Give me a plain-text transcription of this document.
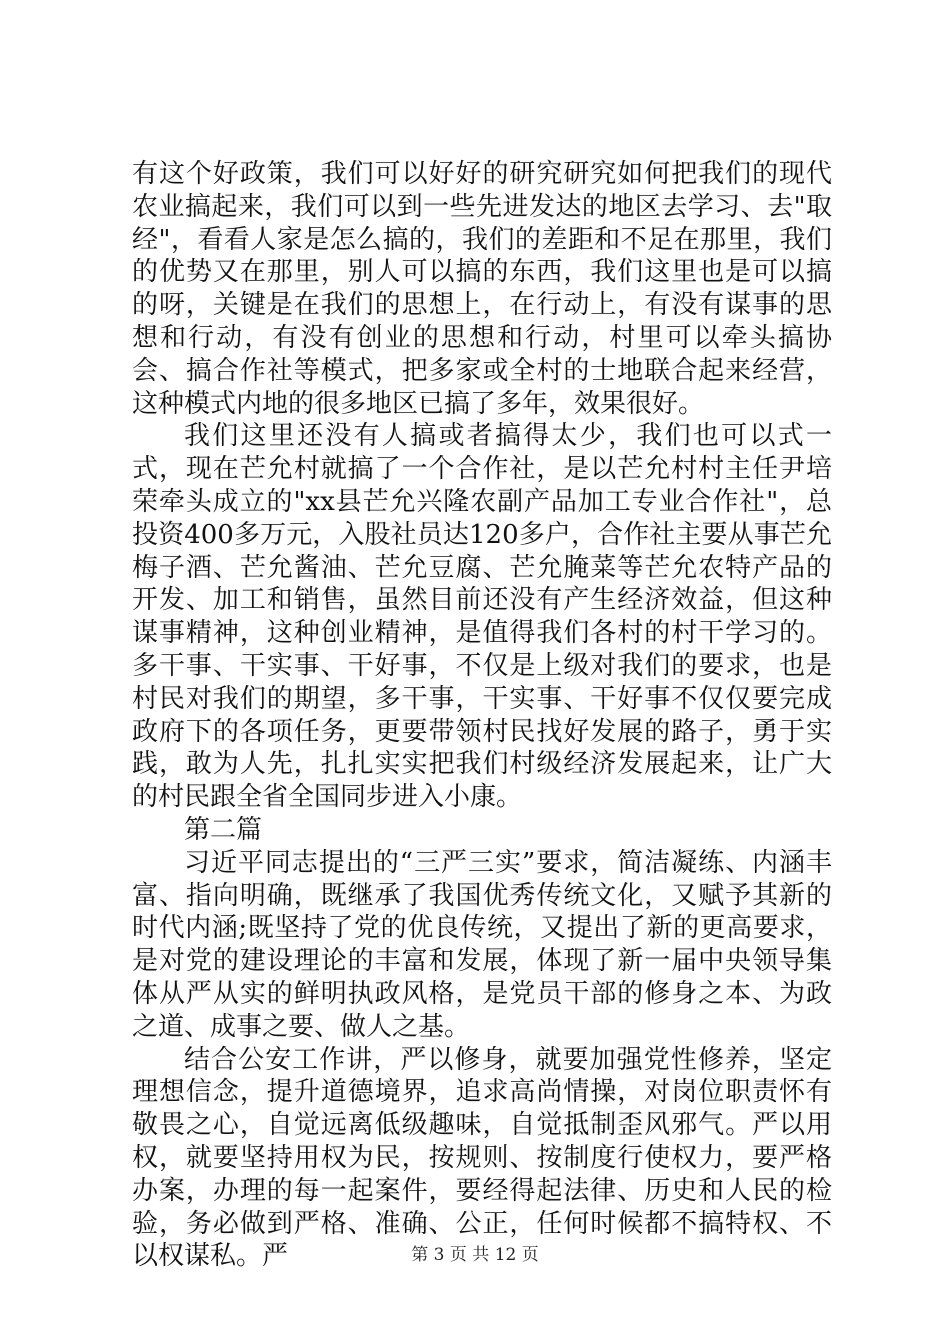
有这个好政策，我们可以好好的研究研究如何把我们的现代农业搞起来，我们可以到一些先进发达的地区去学习、去"取经"，看看人家是怎么搞的，我们的差距和不足在那里，我们的优势又在那里，别人可以搞的东西，我们这里也是可以搞的呀，关键是在我们的思想上，在行动上，有没有谋事的思想和行动，有没有创业的思想和行动，村里可以牵头搞协会、搞合作社等模式，把多家或全村的士地联合起来经营，这种模式内地的很多地区已搞了多年，效果很好。

我们这里还没有人搞或者搞得太少，我们也可以式一式，现在芒允村就搞了一个合作社，是以芒允村村主任尹培荣牵头成立的"xx县芒允兴隆农副产品加工专业合作社"，总投资400多万元，入股社员达120多户，合作社主要从事芒允梅子酒、芒允酱油、芒允豆腐、芒允腌菜等芒允农特产品的开发、加工和销售，虽然目前还没有产生经济效益，但这种谋事精神，这种创业精神，是值得我们各村的村干学习的。多干事、干实事、干好事，不仅是上级对我们的要求，也是村民对我们的期望，多干事，干实事、干好事不仅仅要完成政府下的各项任务，更要带领村民找好发展的路子，勇于实践，敢为人先，扎扎实实把我们村级经济发展起来，让广大的村民跟全省全国同步进入小康。

第二篇

习近平同志提出的“三严三实”要求，简洁凝练、内涵丰富、指向明确，既继承了我国优秀传统文化，又赋予其新的时代内涵;既坚持了党的优良传统，又提出了新的更高要求，是对党的建设理论的丰富和发展，体现了新一届中央领导集体从严从实的鲜明执政风格，是党员干部的修身之本、为政之道、成事之要、做人之基。

结合公安工作讲，严以修身，就要加强党性修养，坚定理想信念，提升道德境界，追求高尚情操，对岗位职责怀有敬畏之心，自觉远离低级趣味，自觉抵制歪风邪气。严以用权，就要坚持用权为民，按规则、按制度行使权力，要严格办案，办理的每一起案件，要经得起法律、历史和人民的检验，务必做到严格、准确、公正，任何时候都不搞特权、不以权谋私。严	第 3 页 共 12 页
